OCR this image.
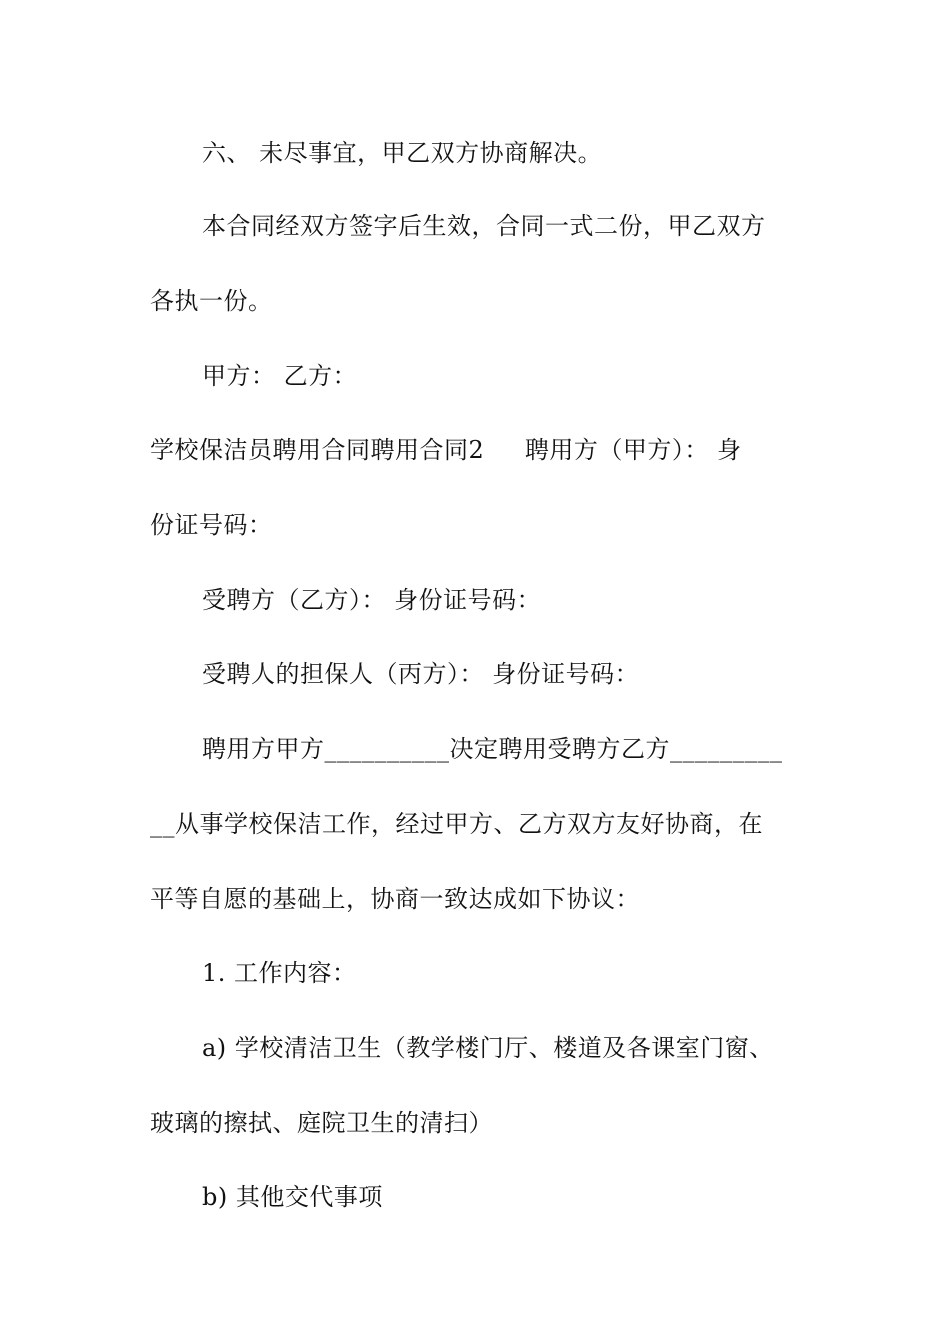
六、 未尽事宜，甲乙双方协商解决。
本合同经双方签字后生效，合同一式二份，甲乙双方
各执一份。
甲方： 乙方：
学校保洁员聘用合同聘用合同2     聘用方（甲方）： 身
份证号码：
受聘方（乙方）： 身份证号码：
受聘人的担保人（丙方）： 身份证号码：
聘用方甲方__________决定聘用受聘方乙方_________
__从事学校保洁工作，经过甲方、乙方双方友好协商，在
平等自愿的基础上，协商一致达成如下协议：
1. 工作内容：
a) 学校清洁卫生（教学楼门厅、楼道及各课室门窗、
玻璃的擦拭、庭院卫生的清扫）
b) 其他交代事项
